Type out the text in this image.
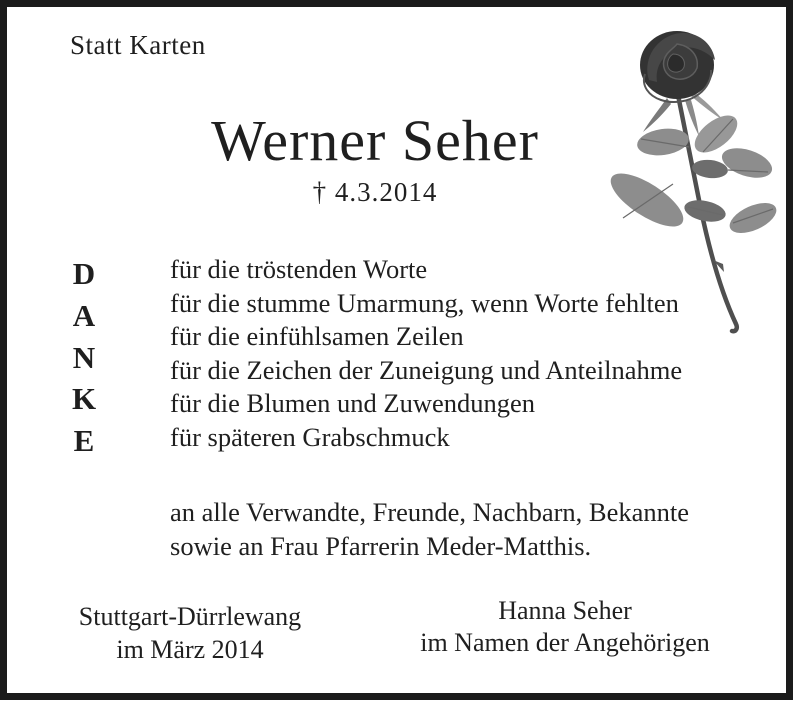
Statt Karten
Werner Seher
† 4.3.2014
D
A
N
K
E
für die tröstenden Worte
für die stumme Umarmung, wenn Worte fehlten
für die einfühlsamen Zeilen
für die Zeichen der Zuneigung und Anteilnahme
für die Blumen und Zuwendungen
für späteren Grabschmuck
an alle Verwandte, Freunde, Nachbarn, Bekannte
sowie an Frau Pfarrerin Meder-Matthis.
Stuttgart-Dürrlewang
im März 2014
Hanna Seher
im Namen der Angehörigen
